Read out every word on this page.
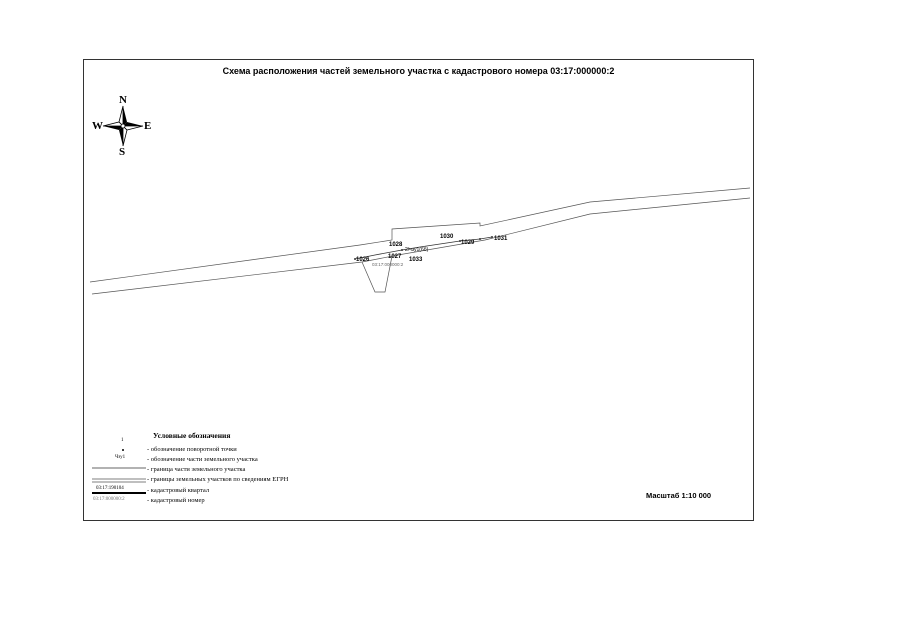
Схема расположения частей земельного участка с кадастрового номера 03:17:000000:2
N
S
W	E
1026
1028
1027 1033
1030
1029
1031
2/чзу1(6б)
03:17:000000:2
Условные обозначения
1
Чзу1
03:17:190104
03:17:000000:2
- обозначение поворотной точки
- обозначение части земельного участка
- граница части земельного участка
- границы земельных участков по сведениям ЕГРН
- кадастровый квартал
- кадастровый номер
Масштаб 1:10 000
